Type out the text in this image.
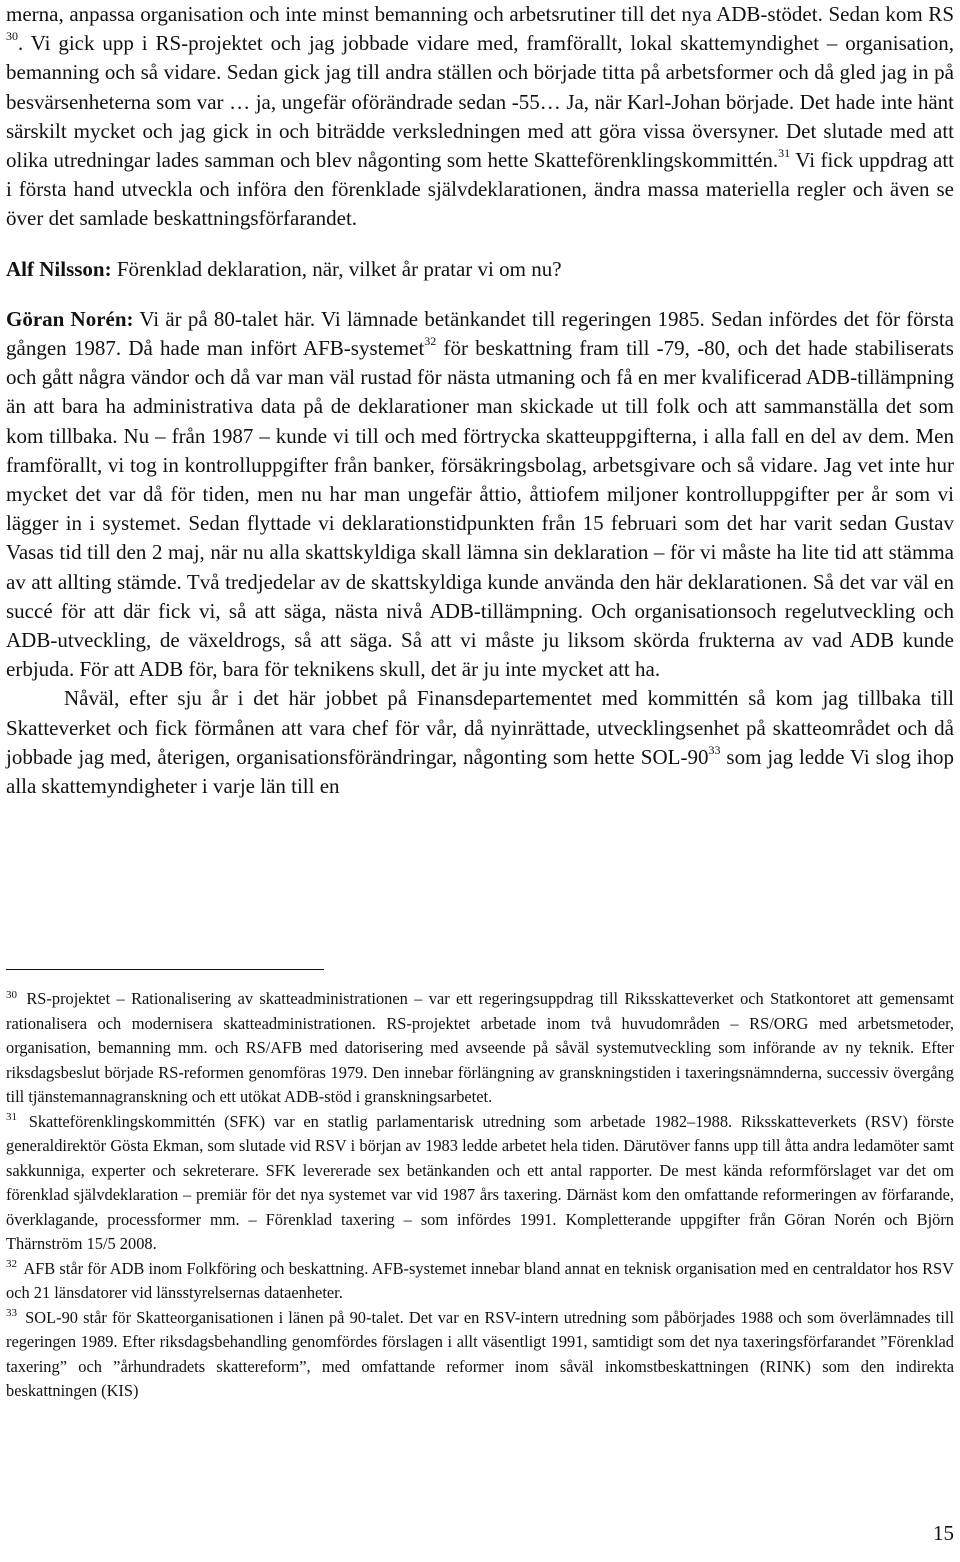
merna, anpassa organisation och inte minst bemanning och arbetsrutiner till det nya ADB-stödet. Sedan kom RS $^{30}$. Vi gick upp i RS-projektet och jag jobbade vidare med, framförallt, lokal skattemyndighet – organisation, bemanning och så vidare. Sedan gick jag till andra ställen och började titta på arbetsformer och då gled jag in på besvärsenheterna som var … ja, ungefär oförändrade sedan -55… Ja, när Karl-Johan började. Det hade inte hänt särskilt mycket och jag gick in och biträdde verksledningen med att göra vissa översyner. Det slutade med att olika utredningar lades samman och blev någonting som hette Skatteförenklingskommittén.$^{31}$ Vi fick uppdrag att i första hand utveckla och införa den förenklade självdeklarationen, ändra massa materiella regler och även se över det samlade beskattningsförfarandet.

Alf Nilsson: Förenklad deklaration, när, vilket år pratar vi om nu?

Göran Norén: Vi är på 80-talet här. Vi lämnade betänkandet till regeringen 1985. Sedan infördes det för första gången 1987. Då hade man infört AFB-systemet$^{32}$ för beskattning fram till -79, -80, och det hade stabiliserats och gått några vändor och då var man väl rustad för nästa utmaning och få en mer kvalificerad ADB-tillämpning än att bara ha administrativa data på de deklarationer man skickade ut till folk och att sammanställa det som kom tillbaka. Nu – från 1987 – kunde vi till och med förtrycka skatteuppgifterna, i alla fall en del av dem. Men framförallt, vi tog in kontrolluppgifter från banker, försäkringsbolag, arbetsgivare och så vidare. Jag vet inte hur mycket det var då för tiden, men nu har man ungefär åttio, åttiofem miljoner kontrolluppgifter per år som vi lägger in i systemet. Sedan flyttade vi deklarationstidpunkten från 15 februari som det har varit sedan Gustav Vasas tid till den 2 maj, när nu alla skattskyldiga skall lämna sin deklaration – för vi måste ha lite tid att stämma av att allting stämde. Två tredjedelar av de skattskyldiga kunde använda den här deklarationen. Så det var väl en succé för att där fick vi, så att säga, nästa nivå ADB-tillämpning. Och organisationsoch regelutveckling och ADB-utveckling, de växeldrogs, så att säga. Så att vi måste ju liksom skörda frukterna av vad ADB kunde erbjuda. För att ADB för, bara för teknikens skull, det är ju inte mycket att ha.

Nåväl, efter sju år i det här jobbet på Finansdepartementet med kommittén så kom jag tillbaka till Skatteverket och fick förmånen att vara chef för vår, då nyinrättade, utvecklingsenhet på skatteområdet och då jobbade jag med, återigen, organisationsförändringar, någonting som hette SOL-$90^{33}$ som jag ledde Vi slog ihop alla skattemyndigheter i varje län till en

$^{30}$ RS-projektet – Rationalisering av skatteadministrationen – var ett regeringsuppdrag till Riksskatteverket och Statkontoret att gemensamt rationalisera och modernisera skatteadministrationen. RS-projektet arbetade inom två huvudområden – RS/ORG med arbetsmetoder, organisation, bemanning mm. och RS/AFB med datorisering med avseende på såväl systemutveckling som införande av ny teknik. Efter riksdagsbeslut började RS-reformen genomföras 1979. Den innebar förlängning av granskningstiden i taxeringsnämnderna, successiv övergång till tjänstemannagranskning och ett utökat ADB-stöd i granskningsarbetet.

$^{31}$ Skatteförenklingskommittén (SFK) var en statlig parlamentarisk utredning som arbetade 1982–1988. Riksskatteverkets (RSV) förste generaldirektör Gösta Ekman, som slutade vid RSV i början av 1983 ledde arbetet hela tiden. Därutöver fanns upp till åtta andra ledamöter samt sakkunniga, experter och sekreterare. SFK levererade sex betänkanden och ett antal rapporter. De mest kända reformförslaget var det om förenklad självdeklaration – premiär för det nya systemet var vid 1987 års taxering. Därnäst kom den omfattande reformeringen av förfarande, överklagande, processformer mm. – Förenklad taxering – som infördes 1991. Kompletterande uppgifter från Göran Norén och Björn Thärnström 15/5 2008.

$^{32}$ AFB står för ADB inom Folkföring och beskattning. AFB-systemet innebar bland annat en teknisk organisation med en centraldator hos RSV och 21 länsdatorer vid länsstyrelsernas dataenheter.

$^{33}$ SOL-90 står för Skatteorganisationen i länen på 90-talet. Det var en RSV-intern utredning som påbörjades 1988 och som överlämnades till regeringen 1989. Efter riksdagsbehandling genomfördes förslagen i allt väsentligt 1991, samtidigt som det nya taxeringsförfarandet ”Förenklad taxering” och ”århundradets skattereform”, med omfattande reformer inom såväl inkomstbeskattningen (RINK) som den indirekta beskattningen (KIS)

15
